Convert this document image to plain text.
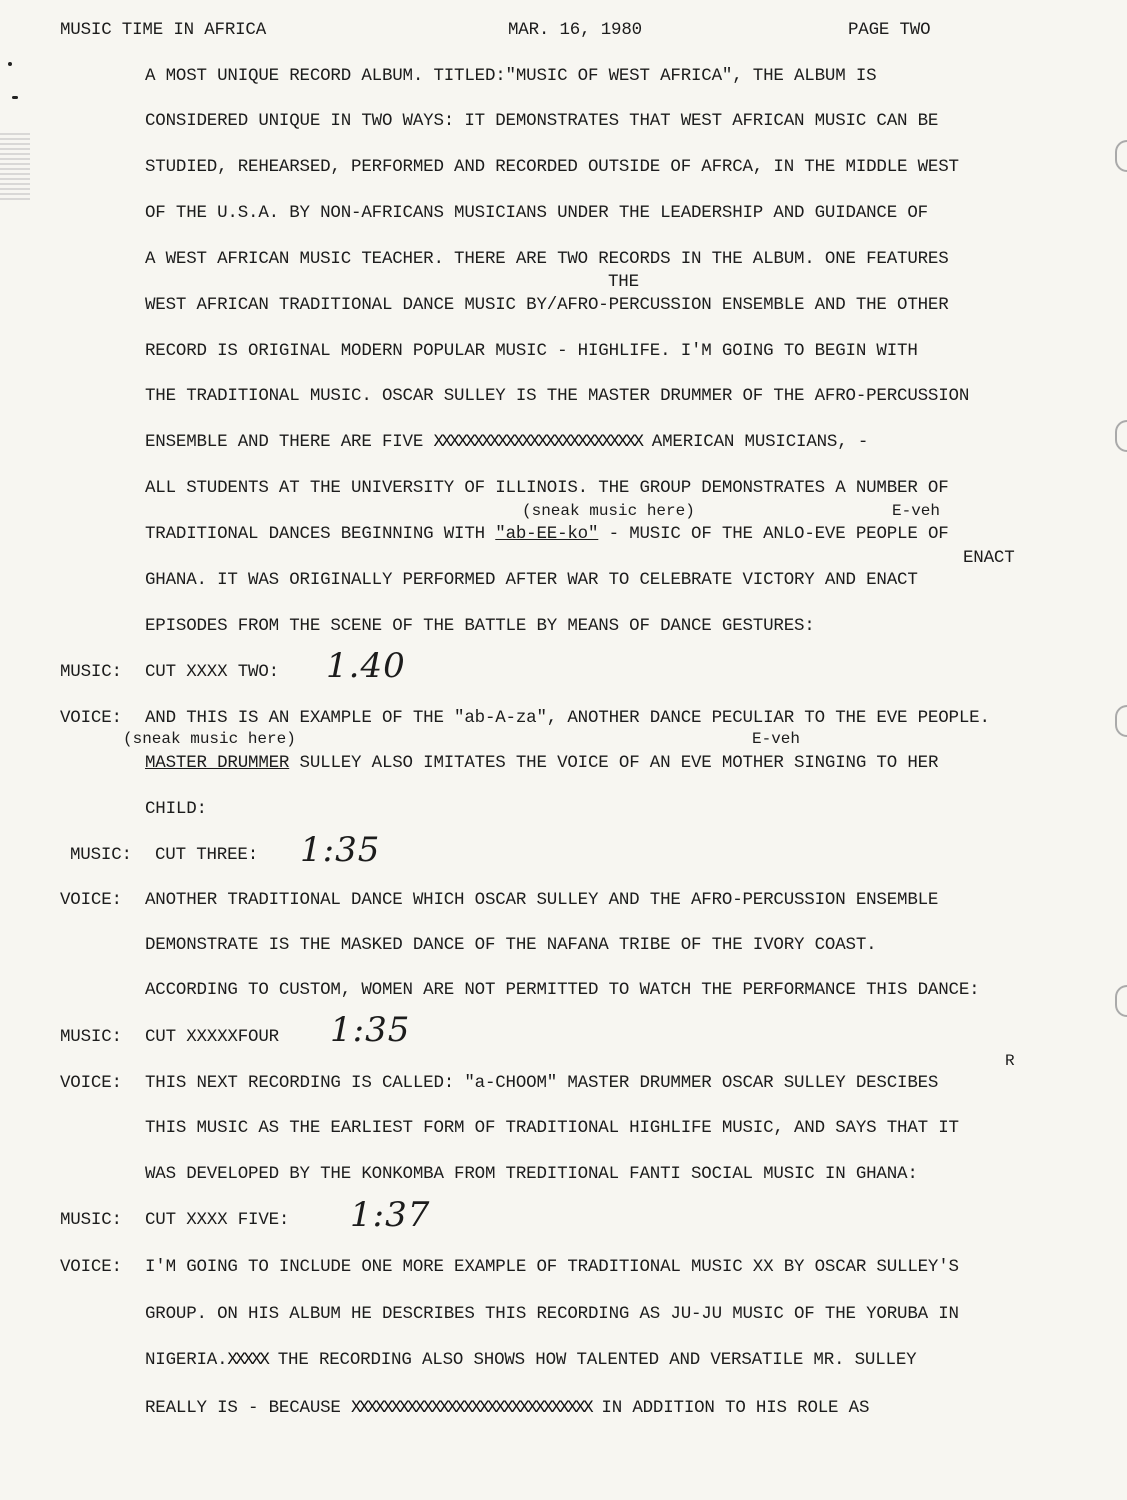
MUSIC TIME IN AFRICA	MAR. 16, 1980	PAGE TWO
A MOST UNIQUE RECORD ALBUM. TITLED:"MUSIC OF WEST AFRICA", THE ALBUM IS
CONSIDERED UNIQUE IN TWO WAYS: IT DEMONSTRATES THAT WEST AFRICAN MUSIC CAN BE
STUDIED, REHEARSED, PERFORMED AND RECORDED OUTSIDE OF AFRCA, IN THE MIDDLE WEST
OF THE U.S.A. BY NON-AFRICANS MUSICIANS UNDER THE LEADERSHIP AND GUIDANCE OF
A WEST AFRICAN MUSIC TEACHER. THERE ARE TWO RECORDS IN THE ALBUM. ONE FEATURES
THE
WEST AFRICAN TRADITIONAL DANCE MUSIC BY/AFRO-PERCUSSION ENSEMBLE AND THE OTHER
RECORD IS ORIGINAL MODERN POPULAR MUSIC - HIGHLIFE. I'M GOING TO BEGIN WITH
THE TRADITIONAL MUSIC. OSCAR SULLEY IS THE MASTER DRUMMER OF THE AFRO-PERCUSSION
ENSEMBLE AND THERE ARE FIVE XXXXXXXXXXXXXXXXXXXXXXXXXX AMERICAN MUSICIANS, -
ALL STUDENTS AT THE UNIVERSITY OF ILLINOIS. THE GROUP DEMONSTRATES A NUMBER OF
(sneak music here)	E-veh
TRADITIONAL DANCES BEGINNING WITH "ab-EE-ko" - MUSIC OF THE ANLO-EVE PEOPLE OF
ENACT
GHANA. IT WAS ORIGINALLY PERFORMED AFTER WAR TO CELEBRATE VICTORY AND ENACT
EPISODES FROM THE SCENE OF THE BATTLE BY MEANS OF DANCE GESTURES:
MUSIC: CUT XXXX TWO: 1.40
VOICE: AND THIS IS AN EXAMPLE OF THE "ab-A-za", ANOTHER DANCE PECULIAR TO THE EVE PEOPLE.
(sneak music here)	E-veh
MASTER DRUMMER SULLEY ALSO IMITATES THE VOICE OF AN EVE MOTHER SINGING TO HER
CHILD:
MUSIC: CUT THREE: 1:35
VOICE: ANOTHER TRADITIONAL DANCE WHICH OSCAR SULLEY AND THE AFRO-PERCUSSION ENSEMBLE
DEMONSTRATE IS THE MASKED DANCE OF THE NAFANA TRIBE OF THE IVORY COAST.
ACCORDING TO CUSTOM, WOMEN ARE NOT PERMITTED TO WATCH THE PERFORMANCE THIS DANCE:
MUSIC: CUT XXXXXFOUR 1:35
R
VOICE: THIS NEXT RECORDING IS CALLED: "a-CHOOM" MASTER DRUMMER OSCAR SULLEY DESCIBES
THIS MUSIC AS THE EARLIEST FORM OF TRADITIONAL HIGHLIFE MUSIC, AND SAYS THAT IT
WAS DEVELOPED BY THE KONKOMBA FROM TREDITIONAL FANTI SOCIAL MUSIC IN GHANA:
MUSIC: CUT XXXX FIVE: 1:37
VOICE: I'M GOING TO INCLUDE ONE MORE EXAMPLE OF TRADITIONAL MUSIC XX BY OSCAR SULLEY'S
GROUP. ON HIS ALBUM HE DESCRIBES THIS RECORDING AS JU-JU MUSIC OF THE YORUBA IN
NIGERIA.XXXXX THE RECORDING ALSO SHOWS HOW TALENTED AND VERSATILE MR. SULLEY
REALLY IS - BECAUSE XXXXXXXXXXXXXXXXXXXXXXXXXXXXXX IN ADDITION TO HIS ROLE AS
